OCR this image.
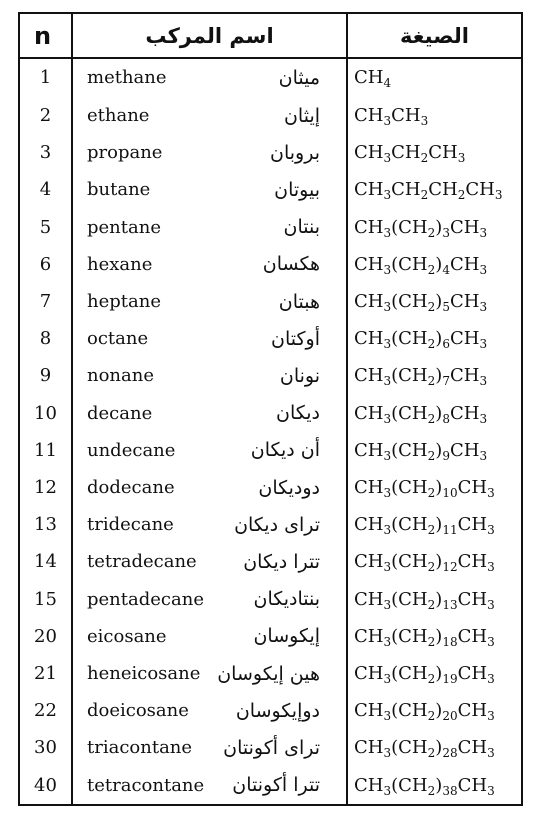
n	اسم المركب		الصيغة
1	methane	ميثان	$CH_4$
2	ethane	إيثان	$CH_3CH_3$
3	propane	بروبان	$CH_3CH_2CH_3$
4	butane	بيوتان	$CH_3CH_2CH_2CH_3$
5	pentane	بنتان	$CH_3(CH_2)_3CH_3$
6	hexane	هكسان	$CH_3(CH_2)_4CH_3$
7	heptane	هبتان	$CH_3(CH_2)_5CH_3$
8	octane	أوكتان	$CH_3(CH_2)_6CH_3$
9	nonane	نونان	$CH_3(CH_2)_7CH_3$
10	decane	ديكان	$CH_3(CH_2)_8CH_3$
11	undecane	أن ديكان	$CH_3(CH_2)_9CH_3$
12	dodecane	دوديكان	$CH_3(CH_2)_{10}CH_3$
13	tridecane	تراى ديكان	$CH_3(CH_2)_{11}CH_3$
14	tetradecane	تترا ديكان	$CH_3(CH_2)_{12}CH_3$
15	pentadecane	بنتاديكان	$CH_3(CH_2)_{13}CH_3$
20	eicosane	إيكوسان	$CH_3(CH_2)_{18}CH_3$
21	heneicosane	هين إيكوسان	$CH_3(CH_2)_{19}CH_3$
22	doeicosane	دوإيكوسان	$CH_3(CH_2)_{20}CH_3$
30	triacontane	تراى أكونتان	$CH_3(CH_2)_{28}CH_3$
40	tetracontane	تترا أكونتان	$CH_3(CH_2)_{38}CH_3$
